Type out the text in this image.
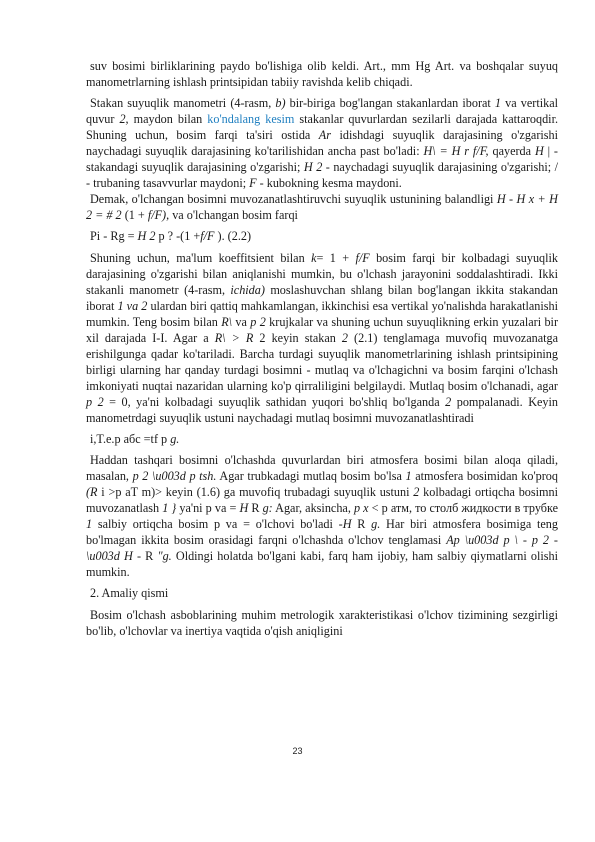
suv bosimi birliklarining paydo bo'lishiga olib keldi. Art., mm Hg Art. va boshqalar suyuq manometrlarning ishlash printsipidan tabiiy ravishda kelib chiqadi.

Stakan suyuqlik manometri (4-rasm, b) bir-biriga bog'langan stakanlardan iborat 1 va vertikal quvur 2, maydon bilan ko'ndalang kesim stakanlar quvurlardan sezilarli darajada kattaroqdir. Shuning uchun, bosim farqi ta'siri ostida Ar idishdagi suyuqlik darajasining o'zgarishi naychadagi suyuqlik darajasining ko'tarilishidan ancha past bo'ladi: H\ = H r f/F, qayerda H | - stakandagi suyuqlik darajasining o'zgarishi; H 2 - naychadagi suyuqlik darajasining o'zgarishi; / - trubaning tasavvurlar maydoni; F - kubokning kesma maydoni.

Demak, o'lchangan bosimni muvozanatlashtiruvchi suyuqlik ustunining balandligi H - H x + H 2 = # 2 (1 + f/F), va o'lchangan bosim farqi

Pi - Rg = H 2 p ? -(1 +f/F ). (2.2)

Shuning uchun, ma'lum koeffitsient bilan k= 1 + f/F bosim farqi bir kolbadagi suyuqlik darajasining o'zgarishi bilan aniqlanishi mumkin, bu o'lchash jarayonini soddalashtiradi. Ikki stakanli manometr (4-rasm, ichida) moslashuvchan shlang bilan bog'langan ikkita stakandan iborat 1 va 2 ulardan biri qattiq mahkamlangan, ikkinchisi esa vertikal yo'nalishda harakatlanishi mumkin. Teng bosim bilan R\ va p 2 krujkalar va shuning uchun suyuqlikning erkin yuzalari bir xil darajada I-I. Agar a R\ > R 2 keyin stakan 2 (2.1) tenglamaga muvofiq muvozanatga erishilgunga qadar ko'tariladi. Barcha turdagi suyuqlik manometrlarining ishlash printsipining birligi ularning har qanday turdagi bosimni - mutlaq va o'lchagichni va bosim farqini o'lchash imkoniyati nuqtai nazaridan ularning ko'p qirraliligini belgilaydi. Mutlaq bosim o'lchanadi, agar p 2 = 0, ya'ni kolbadagi suyuqlik sathidan yuqori bo'shliq bo'lganda 2 pompalanadi. Keyin manometrdagi suyuqlik ustuni naychadagi mutlaq bosimni muvozanatlashtiradi

i,T.e.p абс =tf p g.

Haddan tashqari bosimni o'lchashda quvurlardan biri atmosfera bosimi bilan aloqa qiladi, masalan, p 2 \u003d p tsh. Agar trubkadagi mutlaq bosim bo'lsa 1 atmosfera bosimidan ko'proq (R i >p aT m)> keyin (1.6) ga muvofiq trubadagi suyuqlik ustuni 2 kolbadagi ortiqcha bosimni muvozanatlash 1 } ya'ni p va = H R g: Agar, aksincha, p x < р атм, то столб жидкости в трубке 1 salbiy ortiqcha bosim p va = o'lchovi bo'ladi -H R g. Har biri atmosfera bosimiga teng bo'lmagan ikkita bosim orasidagi farqni o'lchashda o'lchov tenglamasi Ap \u003d p \ - p 2 - \u003d H - R "g. Oldingi holatda bo'lgani kabi, farq ham ijobiy, ham salbiy qiymatlarni olishi mumkin.

2. Amaliy qismi

Bosim o'lchash asboblarining muhim metrologik xarakteristikasi o'lchov tizimining sezgirligi bo'lib, o'lchovlar va inertiya vaqtida o'qish aniqligini

23
